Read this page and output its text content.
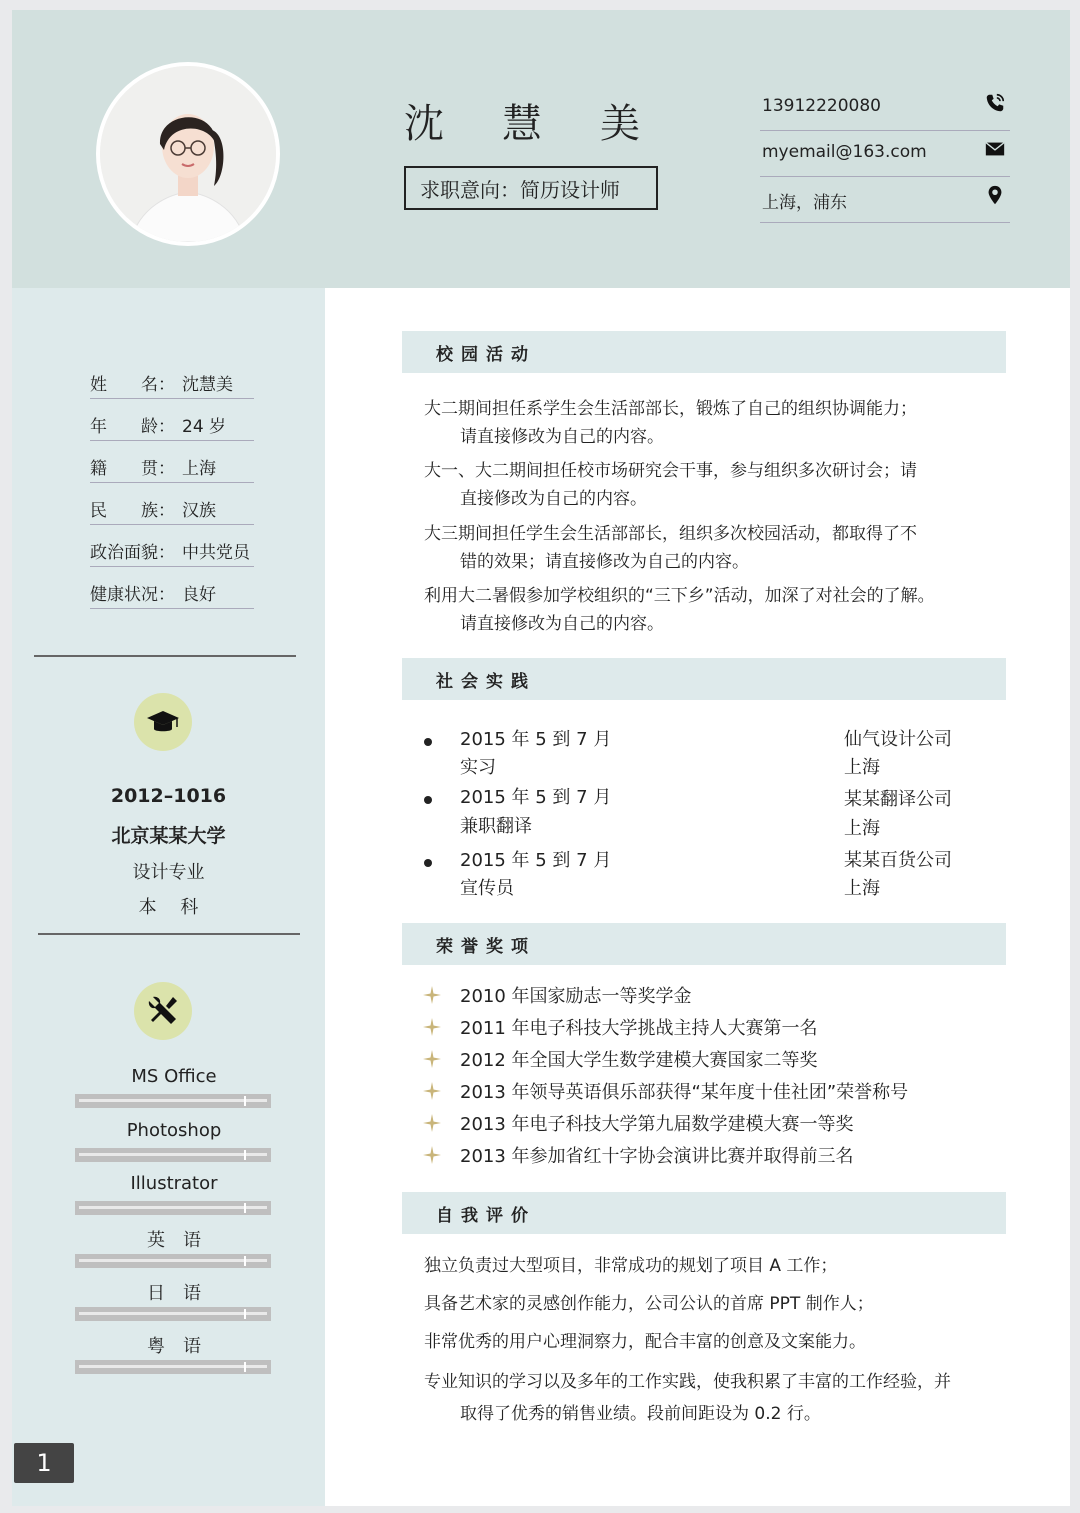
沈 慧 美
求职意向：简历设计师
13912220080
myemail@163.com
上海，浦东
姓　　名： 沈慧美
年　　龄： 24 岁
籍　　贯： 上海
民　　族： 汉族
政治面貌： 中共党员
健康状况： 良好
2012–1016
北京某某大学
设计专业
本　 科
MS Office
Photoshop
Illustrator
英　语
日　语
粤　语
校园活动
大二期间担任系学生会生活部部长，锻炼了自己的组织协调能力；
请直接修改为自己的内容。
大一、大二期间担任校市场研究会干事，参与组织多次研讨会；请
直接修改为自己的内容。
大三期间担任学生会生活部部长，组织多次校园活动，都取得了不
错的效果；请直接修改为自己的内容。
利用大二暑假参加学校组织的“三下乡”活动，加深了对社会的了解。
请直接修改为自己的内容。
社会实践
2015 年 5 到 7 月
实习
仙气设计公司
上海
2015 年 5 到 7 月
兼职翻译
某某翻译公司
上海
2015 年 5 到 7 月
宣传员
某某百货公司
上海
荣誉奖项
2010 年国家励志一等奖学金
2011 年电子科技大学挑战主持人大赛第一名
2012 年全国大学生数学建模大赛国家二等奖
2013 年领导英语俱乐部获得“某年度十佳社团”荣誉称号
2013 年电子科技大学第九届数学建模大赛一等奖
2013 年参加省红十字协会演讲比赛并取得前三名
自我评价
独立负责过大型项目，非常成功的规划了项目 A 工作；
具备艺术家的灵感创作能力，公司公认的首席 PPT 制作人；
非常优秀的用户心理洞察力，配合丰富的创意及文案能力。
专业知识的学习以及多年的工作实践，使我积累了丰富的工作经验，并
取得了优秀的销售业绩。段前间距设为 0.2 行。
1
